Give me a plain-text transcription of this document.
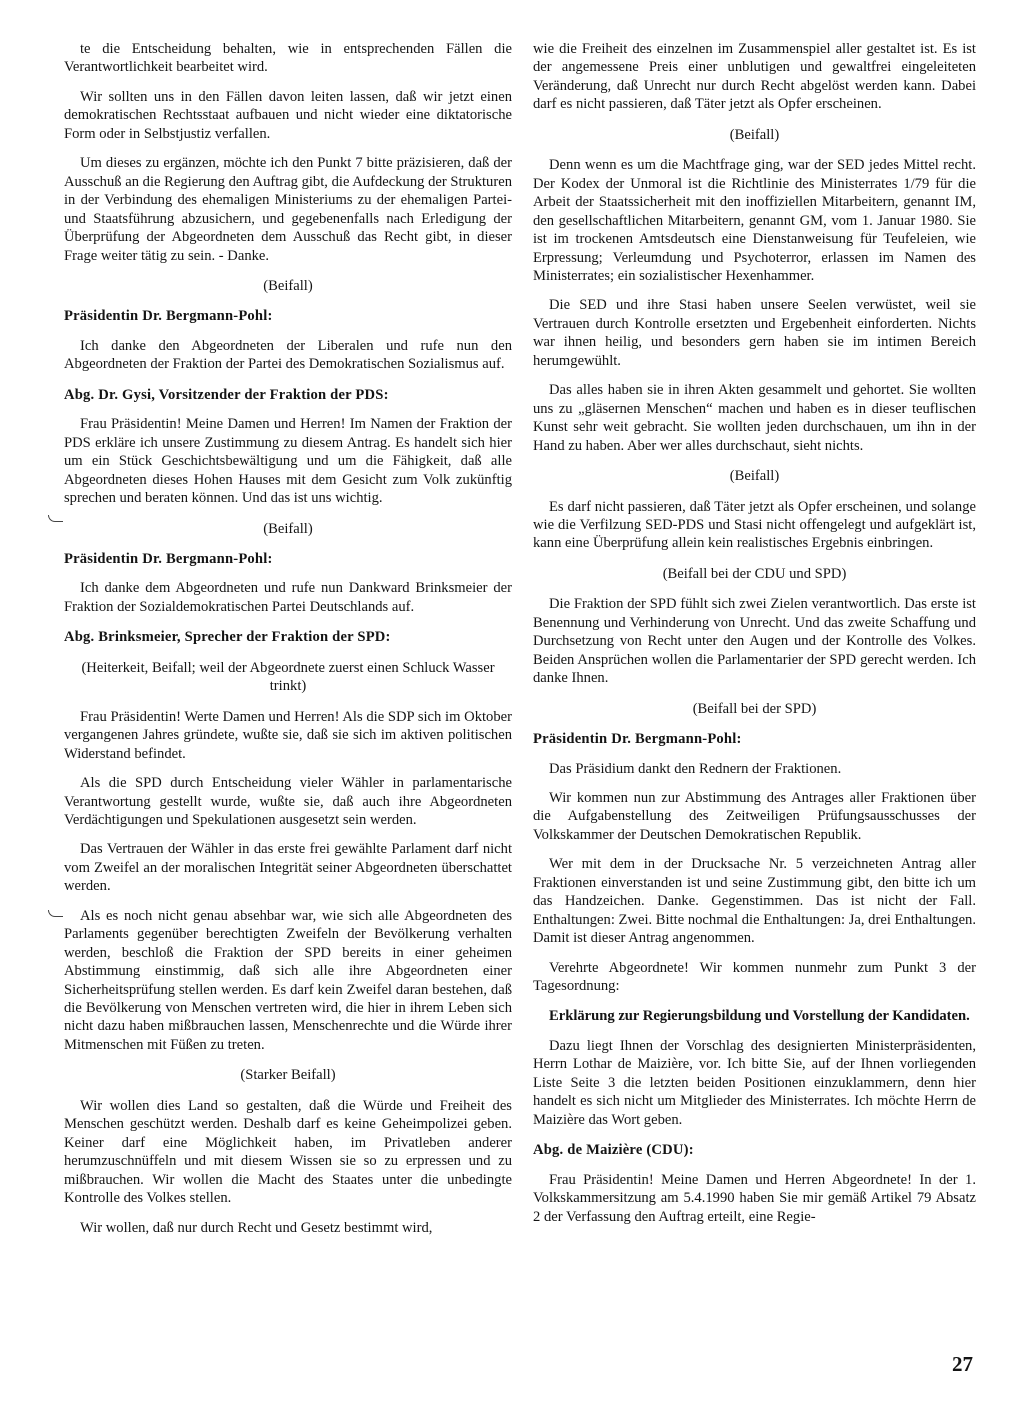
te die Entscheidung behalten, wie in entsprechenden Fällen die Verantwortlichkeit bearbeitet wird.

Wir sollten uns in den Fällen davon leiten lassen, daß wir jetzt einen demokratischen Rechtsstaat aufbauen und nicht wieder eine diktatorische Form oder in Selbstjustiz verfallen.

Um dieses zu ergänzen, möchte ich den Punkt 7 bitte präzisieren, daß der Ausschuß an die Regierung den Auftrag gibt, die Aufdeckung der Strukturen in der Verbindung des ehemaligen Ministeriums zu der ehemaligen Partei- und Staatsführung abzusichern, und gegebenenfalls nach Erledigung der Überprüfung der Abgeordneten dem Ausschuß das Recht gibt, in dieser Frage weiter tätig zu sein. - Danke.

(Beifall)
Präsidentin Dr. Bergmann-Pohl:

Ich danke den Abgeordneten der Liberalen und rufe nun den Abgeordneten der Fraktion der Partei des Demokratischen Sozialismus auf.

Abg. Dr. Gysi, Vorsitzender der Fraktion der PDS:

Frau Präsidentin! Meine Damen und Herren! Im Namen der Fraktion der PDS erkläre ich unsere Zustimmung zu diesem Antrag. Es handelt sich hier um ein Stück Geschichtsbewältigung und um die Fähigkeit, daß alle Abgeordneten dieses Hohen Hauses mit dem Gesicht zum Volk zukünftig sprechen und beraten können. Und das ist uns wichtig.

(Beifall)
Präsidentin Dr. Bergmann-Pohl:

Ich danke dem Abgeordneten und rufe nun Dankward Brinksmeier der Fraktion der Sozialdemokratischen Partei Deutschlands auf.

Abg. Brinksmeier, Sprecher der Fraktion der SPD:
(Heiterkeit, Beifall; weil der Abgeordnete zuerst einen Schluck Wasser trinkt)

Frau Präsidentin! Werte Damen und Herren! Als die SDP sich im Oktober vergangenen Jahres gründete, wußte sie, daß sie sich im aktiven politischen Widerstand befindet.

Als die SPD durch Entscheidung vieler Wähler in parlamentarische Verantwortung gestellt wurde, wußte sie, daß auch ihre Abgeordneten Verdächtigungen und Spekulationen ausgesetzt sein werden.

Das Vertrauen der Wähler in das erste frei gewählte Parlament darf nicht vom Zweifel an der moralischen Integrität seiner Abgeordneten überschattet werden.

Als es noch nicht genau absehbar war, wie sich alle Abgeordneten des Parlaments gegenüber berechtigten Zweifeln der Bevölkerung verhalten werden, beschloß die Fraktion der SPD bereits in einer geheimen Abstimmung einstimmig, daß sich alle ihre Abgeordneten einer Sicherheitsprüfung stellen werden. Es darf kein Zweifel daran bestehen, daß die Bevölkerung von Menschen vertreten wird, die hier in ihrem Leben sich nicht dazu haben mißbrauchen lassen, Menschenrechte und die Würde ihrer Mitmenschen mit Füßen zu treten.

(Starker Beifall)

Wir wollen dies Land so gestalten, daß die Würde und Freiheit des Menschen geschützt werden. Deshalb darf es keine Geheimpolizei geben. Keiner darf eine Möglichkeit haben, im Privatleben anderer herumzuschnüffeln und mit diesem Wissen sie so zu erpressen und zu mißbrauchen. Wir wollen die Macht des Staates unter die unbedingte Kontrolle des Volkes stellen.

Wir wollen, daß nur durch Recht und Gesetz bestimmt wird,

wie die Freiheit des einzelnen im Zusammenspiel aller gestaltet ist. Es ist der angemessene Preis einer unblutigen und gewaltfrei eingeleiteten Veränderung, daß Unrecht nur durch Recht abgelöst werden kann. Dabei darf es nicht passieren, daß Täter jetzt als Opfer erscheinen.

(Beifall)

Denn wenn es um die Machtfrage ging, war der SED jedes Mittel recht. Der Kodex der Unmoral ist die Richtlinie des Ministerrates 1/79 für die Arbeit der Staatssicherheit mit den inoffiziellen Mitarbeitern, genannt IM, den gesellschaftlichen Mitarbeitern, genannt GM, vom 1. Januar 1980. Sie ist im trockenen Amtsdeutsch eine Dienstanweisung für Teufeleien, wie Erpressung; Verleumdung und Psychoterror, erlassen im Namen des Ministerrates; ein sozialistischer Hexenhammer.

Die SED und ihre Stasi haben unsere Seelen verwüstet, weil sie Vertrauen durch Kontrolle ersetzten und Ergebenheit einforderten. Nichts war ihnen heilig, und besonders gern haben sie im intimen Bereich herumgewühlt.

Das alles haben sie in ihren Akten gesammelt und gehortet. Sie wollten uns zu „gläsernen Menschen“ machen und haben es in dieser teuflischen Kunst sehr weit gebracht. Sie wollten jeden durchschauen, um ihn in der Hand zu haben. Aber wer alles durchschaut, sieht nichts.

(Beifall)

Es darf nicht passieren, daß Täter jetzt als Opfer erscheinen, und solange wie die Verfilzung SED-PDS und Stasi nicht offengelegt und aufgeklärt ist, kann eine Überprüfung allein kein realistisches Ergebnis einbringen.

(Beifall bei der CDU und SPD)

Die Fraktion der SPD fühlt sich zwei Zielen verantwortlich. Das erste ist Benennung und Verhinderung von Unrecht. Und das zweite Schaffung und Durchsetzung von Recht unter den Augen und der Kontrolle des Volkes. Beiden Ansprüchen wollen die Parlamentarier der SPD gerecht werden. Ich danke Ihnen.

(Beifall bei der SPD)
Präsidentin Dr. Bergmann-Pohl:

Das Präsidium dankt den Rednern der Fraktionen.

Wir kommen nun zur Abstimmung des Antrages aller Fraktionen über die Aufgabenstellung des Zeitweiligen Prüfungsausschusses der Volkskammer der Deutschen Demokratischen Republik.

Wer mit dem in der Drucksache Nr. 5 verzeichneten Antrag aller Fraktionen einverstanden ist und seine Zustimmung gibt, den bitte ich um das Handzeichen. Danke. Gegenstimmen. Das ist nicht der Fall. Enthaltungen: Zwei. Bitte nochmal die Enthaltungen: Ja, drei Enthaltungen. Damit ist dieser Antrag angenommen.

Verehrte Abgeordnete! Wir kommen nunmehr zum Punkt 3 der Tagesordnung:

Erklärung zur Regierungsbildung und Vorstellung der Kandidaten.

Dazu liegt Ihnen der Vorschlag des designierten Ministerpräsidenten, Herrn Lothar de Maizière, vor. Ich bitte Sie, auf der Ihnen vorliegenden Liste Seite 3 die letzten beiden Positionen einzuklammern, denn hier handelt es sich nicht um Mitglieder des Ministerrates. Ich möchte Herrn de Maizière das Wort geben.

Abg. de Maizière (CDU):

Frau Präsidentin! Meine Damen und Herren Abgeordnete! In der 1. Volkskammersitzung am 5.4.1990 haben Sie mir gemäß Artikel 79 Absatz 2 der Verfassung den Auftrag erteilt, eine Regie-

27
